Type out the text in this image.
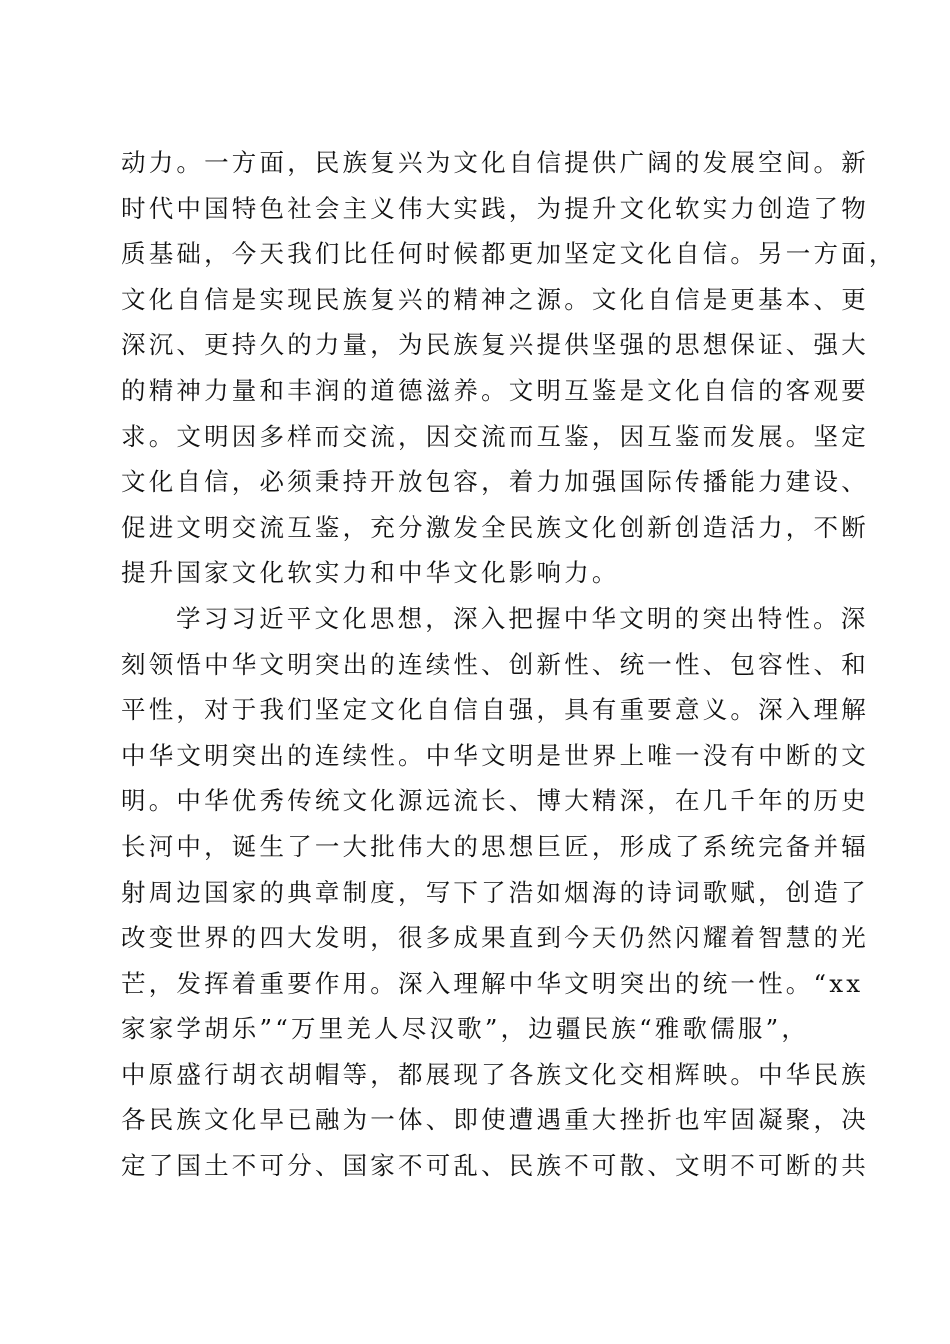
动力。一方面，民族复兴为文化自信提供广阔的发展空间。新
时代中国特色社会主义伟大实践，为提升文化软实力创造了物
质基础，今天我们比任何时候都更加坚定文化自信。另一方面，
文化自信是实现民族复兴的精神之源。文化自信是更基本、更
深沉、更持久的力量，为民族复兴提供坚强的思想保证、强大
的精神力量和丰润的道德滋养。文明互鉴是文化自信的客观要
求。文明因多样而交流，因交流而互鉴，因互鉴而发展。坚定
文化自信，必须秉持开放包容，着力加强国际传播能力建设、
促进文明交流互鉴，充分激发全民族文化创新创造活力，不断
提升国家文化软实力和中华文化影响力。
学习习近平文化思想，深入把握中华文明的突出特性。深
刻领悟中华文明突出的连续性、创新性、统一性、包容性、和
平性，对于我们坚定文化自信自强，具有重要意义。深入理解
中华文明突出的连续性。中华文明是世界上唯一没有中断的文
明。中华优秀传统文化源远流长、博大精深，在几千年的历史
长河中，诞生了一大批伟大的思想巨匠，形成了系统完备并辐
射周边国家的典章制度，写下了浩如烟海的诗词歌赋，创造了
改变世界的四大发明，很多成果直到今天仍然闪耀着智慧的光
芒，发挥着重要作用。深入理解中华文明突出的统一性。“xx
家家学胡乐”“万里羌人尽汉歌”，边疆民族“雅歌儒服”，
中原盛行胡衣胡帽等，都展现了各族文化交相辉映。中华民族
各民族文化早已融为一体、即使遭遇重大挫折也牢固凝聚，决
定了国土不可分、国家不可乱、民族不可散、文明不可断的共
